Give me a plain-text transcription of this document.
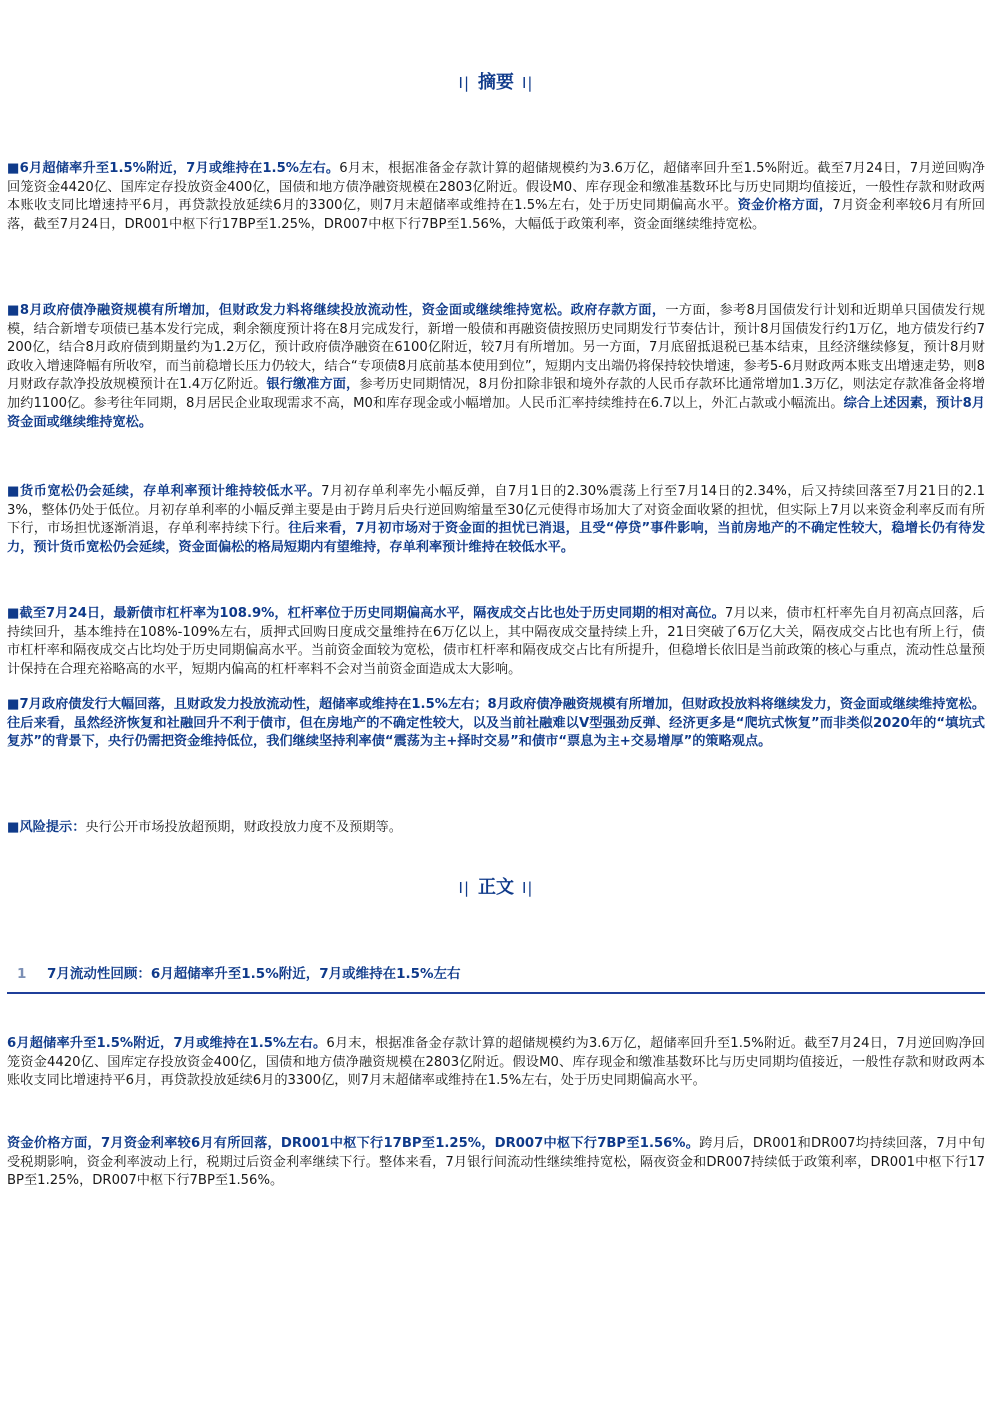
I| 摘要 I|
■6月超储率升至1.5%附近，7月或维持在1.5%左右。6月末，根据准备金存款计算的超储规模约为3.6万亿，超储率回升至1.5%附近。截至7月24日，7月逆回购净回笼资金4420亿、国库定存投放资金400亿，国债和地方债净融资规模在2803亿附近。假设M0、库存现金和缴准基数环比与历史同期均值接近，一般性存款和财政两本账收支同比增速持平6月，再贷款投放延续6月的3300亿，则7月末超储率或维持在1.5%左右，处于历史同期偏高水平。资金价格方面，7月资金利率较6月有所回落，截至7月24日，DR001中枢下行17BP至1.25%，DR007中枢下行7BP至1.56%，大幅低于政策利率，资金面继续维持宽松。
■8月政府债净融资规模有所增加，但财政发力料将继续投放流动性，资金面或继续维持宽松。政府存款方面，一方面，参考8月国债发行计划和近期单只国债发行规模，结合新增专项债已基本发行完成，剩余额度预计将在8月完成发行，新增一般债和再融资债按照历史同期发行节奏估计，预计8月国债发行约1万亿，地方债发行约7200亿，结合8月政府债到期量约为1.2万亿，预计政府债净融资在6100亿附近，较7月有所增加。另一方面，7月底留抵退税已基本结束，且经济继续修复，预计8月财政收入增速降幅有所收窄，而当前稳增长压力仍较大，结合“专项债8月底前基本使用到位”，短期内支出端仍将保持较快增速，参考5-6月财政两本账支出增速走势，则8月财政存款净投放规模预计在1.4万亿附近。银行缴准方面，参考历史同期情况，8月份扣除非银和境外存款的人民币存款环比通常增加1.3万亿，则法定存款准备金将增加约1100亿。参考往年同期，8月居民企业取现需求不高，M0和库存现金或小幅增加。人民币汇率持续维持在6.7以上，外汇占款或小幅流出。综合上述因素，预计8月资金面或继续维持宽松。
■货币宽松仍会延续，存单利率预计维持较低水平。7月初存单利率先小幅反弹，自7月1日的2.30%震荡上行至7月14日的2.34%，后又持续回落至7月21日的2.13%，整体仍处于低位。月初存单利率的小幅反弹主要是由于跨月后央行逆回购缩量至30亿元使得市场加大了对资金面收紧的担忧，但实际上7月以来资金利率反而有所下行，市场担忧逐渐消退，存单利率持续下行。往后来看，7月初市场对于资金面的担忧已消退，且受“停贷”事件影响，当前房地产的不确定性较大，稳增长仍有待发力，预计货币宽松仍会延续，资金面偏松的格局短期内有望维持，存单利率预计维持在较低水平。
■截至7月24日，最新债市杠杆率为108.9%，杠杆率位于历史同期偏高水平，隔夜成交占比也处于历史同期的相对高位。7月以来，债市杠杆率先自月初高点回落，后持续回升，基本维持在108%-109%左右，质押式回购日度成交量维持在6万亿以上，其中隔夜成交量持续上升，21日突破了6万亿大关，隔夜成交占比也有所上行，债市杠杆率和隔夜成交占比均处于历史同期偏高水平。当前资金面较为宽松，债市杠杆率和隔夜成交占比有所提升，但稳增长依旧是当前政策的核心与重点，流动性总量预计保持在合理充裕略高的水平，短期内偏高的杠杆率料不会对当前资金面造成太大影响。
■7月政府债发行大幅回落，且财政发力投放流动性，超储率或维持在1.5%左右；8月政府债净融资规模有所增加，但财政投放料将继续发力，资金面或继续维持宽松。往后来看，虽然经济恢复和社融回升不利于债市，但在房地产的不确定性较大，以及当前社融难以V型强劲反弹、经济更多是“爬坑式恢复”而非类似2020年的“填坑式复苏”的背景下，央行仍需把资金维持低位，我们继续坚持利率债“震荡为主+择时交易”和债市“票息为主+交易增厚”的策略观点。
■风险提示：央行公开市场投放超预期，财政投放力度不及预期等。
I| 正文 I|
1 7月流动性回顾：6月超储率升至1.5%附近，7月或维持在1.5%左右
6月超储率升至1.5%附近，7月或维持在1.5%左右。6月末，根据准备金存款计算的超储规模约为3.6万亿，超储率回升至1.5%附近。截至7月24日，7月逆回购净回笼资金4420亿、国库定存投放资金400亿，国债和地方债净融资规模在2803亿附近。假设M0、库存现金和缴准基数环比与历史同期均值接近，一般性存款和财政两本账收支同比增速持平6月，再贷款投放延续6月的3300亿，则7月末超储率或维持在1.5%左右，处于历史同期偏高水平。
资金价格方面，7月资金利率较6月有所回落，DR001中枢下行17BP至1.25%，DR007中枢下行7BP至1.56%。跨月后，DR001和DR007均持续回落，7月中旬受税期影响，资金利率波动上行，税期过后资金利率继续下行。整体来看，7月银行间流动性继续维持宽松，隔夜资金和DR007持续低于政策利率，DR001中枢下行17BP至1.25%，DR007中枢下行7BP至1.56%。
